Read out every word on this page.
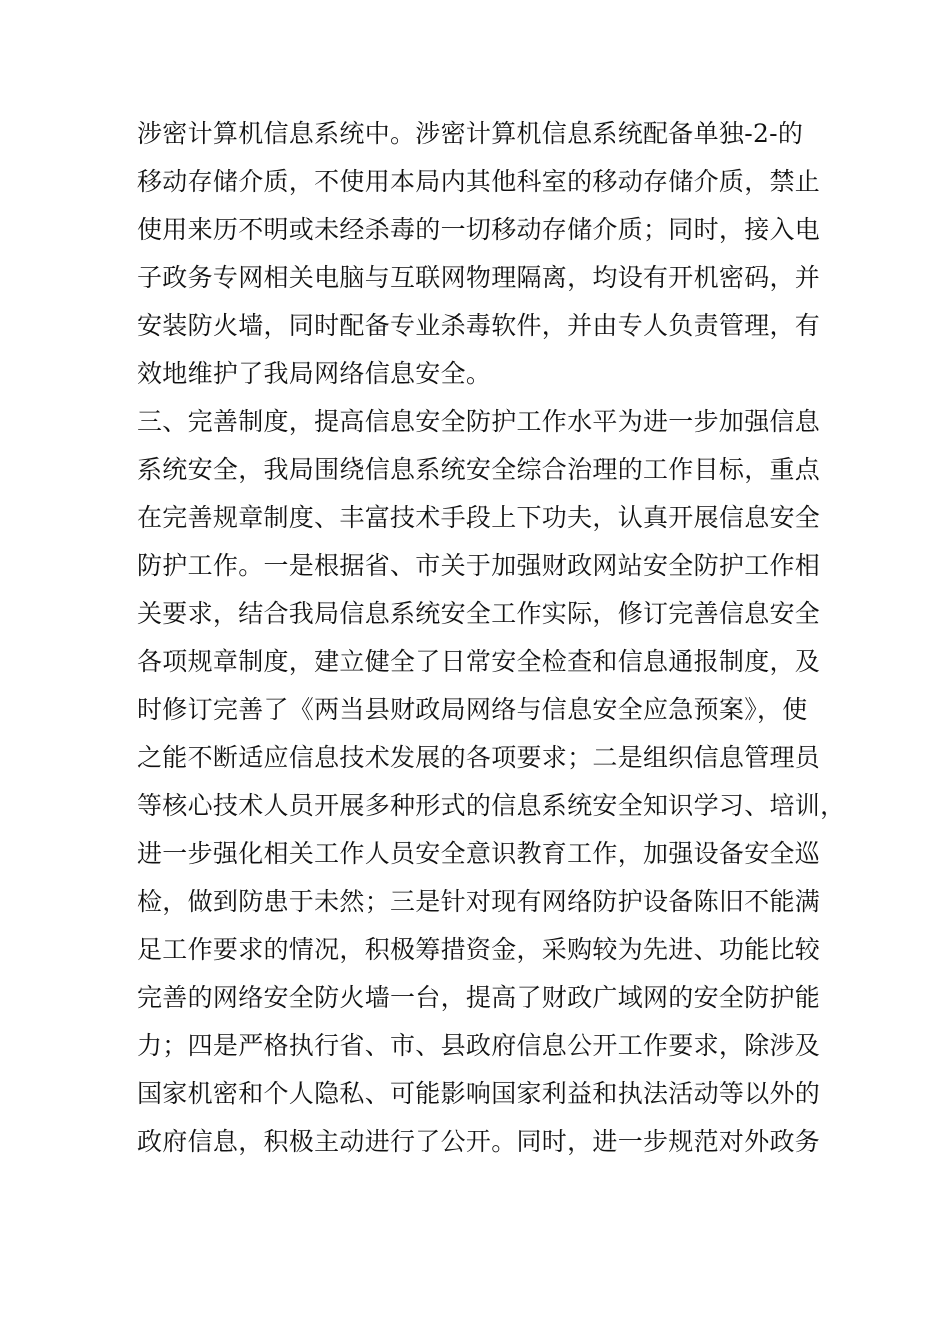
涉密计算机信息系统中。涉密计算机信息系统配备单独-2-的
移动存储介质，不使用本局内其他科室的移动存储介质，禁止
使用来历不明或未经杀毒的一切移动存储介质；同时，接入电
子政务专网相关电脑与互联网物理隔离，均设有开机密码，并
安装防火墙，同时配备专业杀毒软件，并由专人负责管理，有
效地维护了我局网络信息安全。
三、完善制度，提高信息安全防护工作水平为进一步加强信息
系统安全，我局围绕信息系统安全综合治理的工作目标，重点
在完善规章制度、丰富技术手段上下功夫，认真开展信息安全
防护工作。一是根据省、市关于加强财政网站安全防护工作相
关要求，结合我局信息系统安全工作实际，修订完善信息安全
各项规章制度，建立健全了日常安全检查和信息通报制度，及
时修订完善了《两当县财政局网络与信息安全应急预案》，使
之能不断适应信息技术发展的各项要求；二是组织信息管理员
等核心技术人员开展多种形式的信息系统安全知识学习、培训，
进一步强化相关工作人员安全意识教育工作，加强设备安全巡
检，做到防患于未然；三是针对现有网络防护设备陈旧不能满
足工作要求的情况，积极筹措资金，采购较为先进、功能比较
完善的网络安全防火墙一台，提高了财政广域网的安全防护能
力；四是严格执行省、市、县政府信息公开工作要求，除涉及
国家机密和个人隐私、可能影响国家利益和执法活动等以外的
政府信息，积极主动进行了公开。同时，进一步规范对外政务
